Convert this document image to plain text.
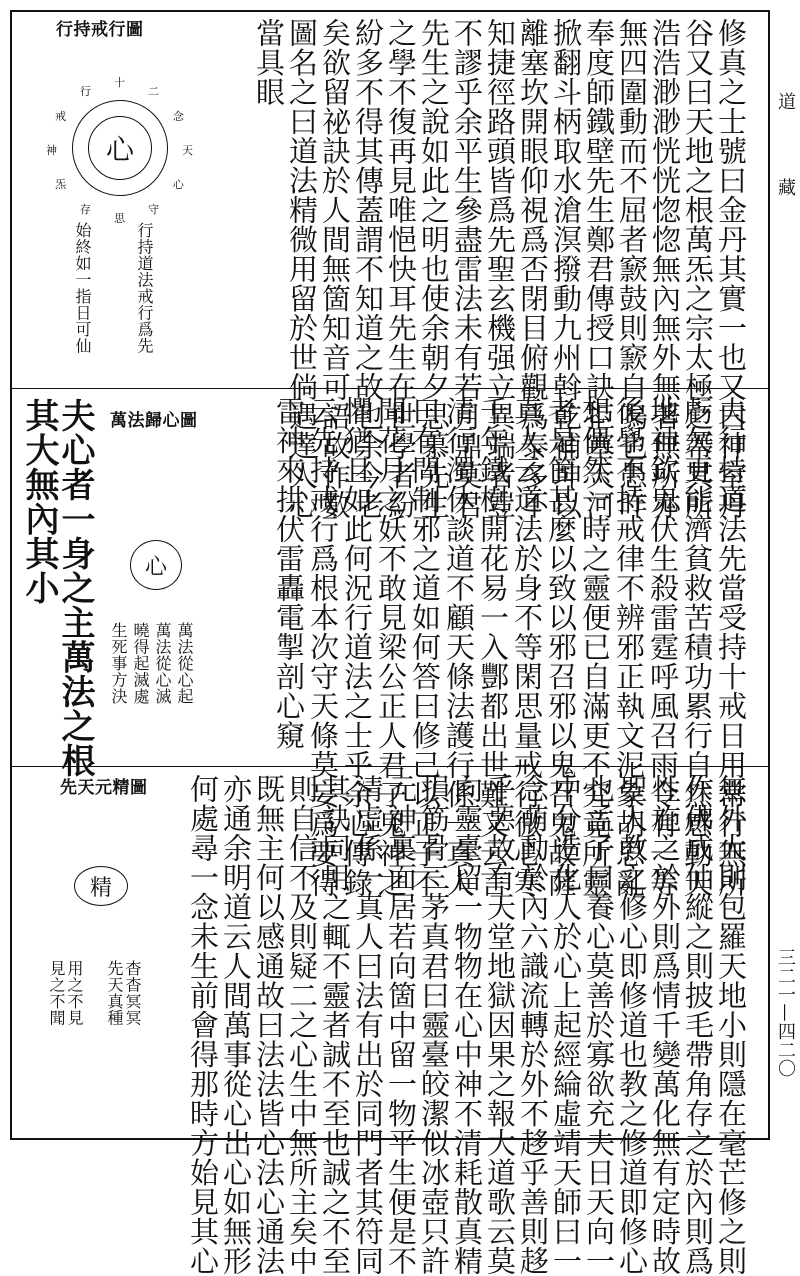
道
藏
三二一—四二〇
修真之士號曰金丹其實一也又曰神室丹
谷又曰天地之根萬炁之宗太極之蔕其所
浩浩渺渺恍恍惚惚無內無外無著無所亦
無四圍動而不屈者窾鼓則窾自鳴也愚昨
奉度師鐵壁先生鄭君傳授口訣拒塞天河
掀翻斗柄取水滄溟撥動九州斡乾補坤以
離塞坎開眼仰視爲否閉目俯觀爲泰多不
知捷徑路頭皆爲先聖玄機强立異端者豈
不謬乎余平生參盡雷法未有若月鼎莫君
先生之說如此之明也使余朝夕思慕先生
之學不復再見唯悒快耳先生在世學者紛
紛多不得其傳蓋謂不知道之故也余今老
矣欲留祕訣於人間無箇知音可語故作數
圖名之曰道法精微用留於世倘遇達人心
當具眼
行持戒行圖
心
十
二
念
天
心
守
思
存
炁
神
戒
行
行持道法戒行爲先
始終如一指日可仙
夫行持道法先當受持十戒日用常行無所
虧欠更能濟貧救苦積功累行自然感動天
地神欽鬼伏生殺雷霆呼風召雨令有一等
後學不持戒律不辨邪正執文泥象胡思亂
想偶然一時之靈便已自滿更不究竟所靈
者是箇甚麼以致以邪召邪以鬼召鬼故薩
真人云道法於身不等閑思量戒行微心寒
千年鐵樹開花易一入酆都出世難又云言
清行濁休談道不顧天條法護行係一真人
曰有問制邪之道如何答曰修己以正子不
聞花月之妖不敢見梁公正人君子鬼神之
懼猶且如此何況行道法之士乎余心傳錄
云先持戒行爲根本次守天條莫妄爲要得
雷神來拱伏雷轟電掣剖心窺
萬法歸心圖
心
萬法從心起
萬法從心滅
曉得起滅處
生死事方決
夫心者一身之主萬法之根
其大無內其小
無外大則包羅天地小則隱在毫芒修之則
作佛成仙縱之則披毛帶角存之於內則爲
性施之於外則爲情千變萬化無有定時故
聖人教之修心即修道也教之修道即修心
也孟子曰養心莫善於寡欲充夫日天向一
中分造化人於心上起經綸虛靖天師曰一
念萌動於內六識流轉於外不趍乎善則趍
乎惡故有天堂地獄因果之報大道歌云莫
向靈臺留一物物在心中神不清耗散真精
損筋骨三茅真君曰靈臺皎潔似冰壺只許
元神裏面居若向箇中留一物平生便是不
清虛係一真人曰法有出於同門者其符同
其訣同用之輒不靈者誠不至也誠之不至
則自信不及則疑二之心生中無所主矣中
既無主何以感通故曰法法皆心法心通法
亦通余明道云人間萬事從心出心如無形
何處尋一念未生前會得那時方始見其心
先天元精圖
精
杳杳冥冥
先天真種
用之不見
見之不聞
